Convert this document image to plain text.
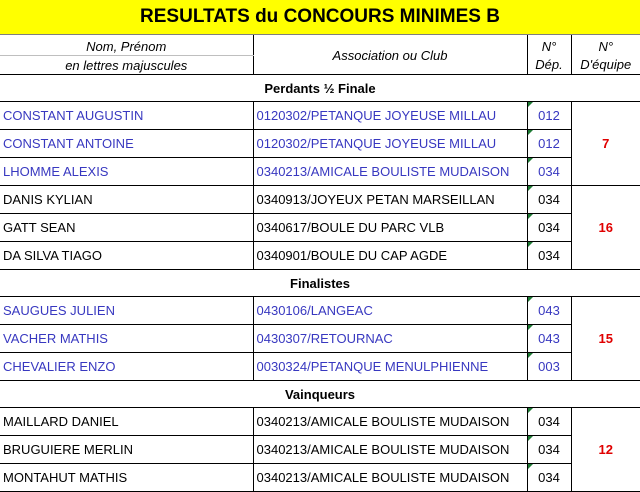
RESULTATS du CONCOURS MINIMES B			
Nom, Prénom	Association ou Club	N°	N°
en lettres majuscules		Dép.	D'équipe
Perdants ½ Finale			
CONSTANT AUGUSTIN	0120302/PETANQUE JOYEUSE MILLAU	012	7
CONSTANT ANTOINE	0120302/PETANQUE JOYEUSE MILLAU	012	
LHOMME ALEXIS	0340213/AMICALE BOULISTE MUDAISON	034	
DANIS KYLIAN	0340913/JOYEUX PETAN MARSEILLAN	034	16
GATT SEAN	0340617/BOULE DU PARC VLB	034	
DA SILVA TIAGO	0340901/BOULE DU CAP AGDE	034	
Finalistes			
SAUGUES JULIEN	0430106/LANGEAC	043	15
VACHER MATHIS	0430307/RETOURNAC	043	
CHEVALIER ENZO	0030324/PETANQUE MENULPHIENNE	003	
Vainqueurs			
MAILLARD DANIEL	0340213/AMICALE BOULISTE MUDAISON	034	12
BRUGUIERE MERLIN	0340213/AMICALE BOULISTE MUDAISON	034	
MONTAHUT MATHIS	0340213/AMICALE BOULISTE MUDAISON	034	
